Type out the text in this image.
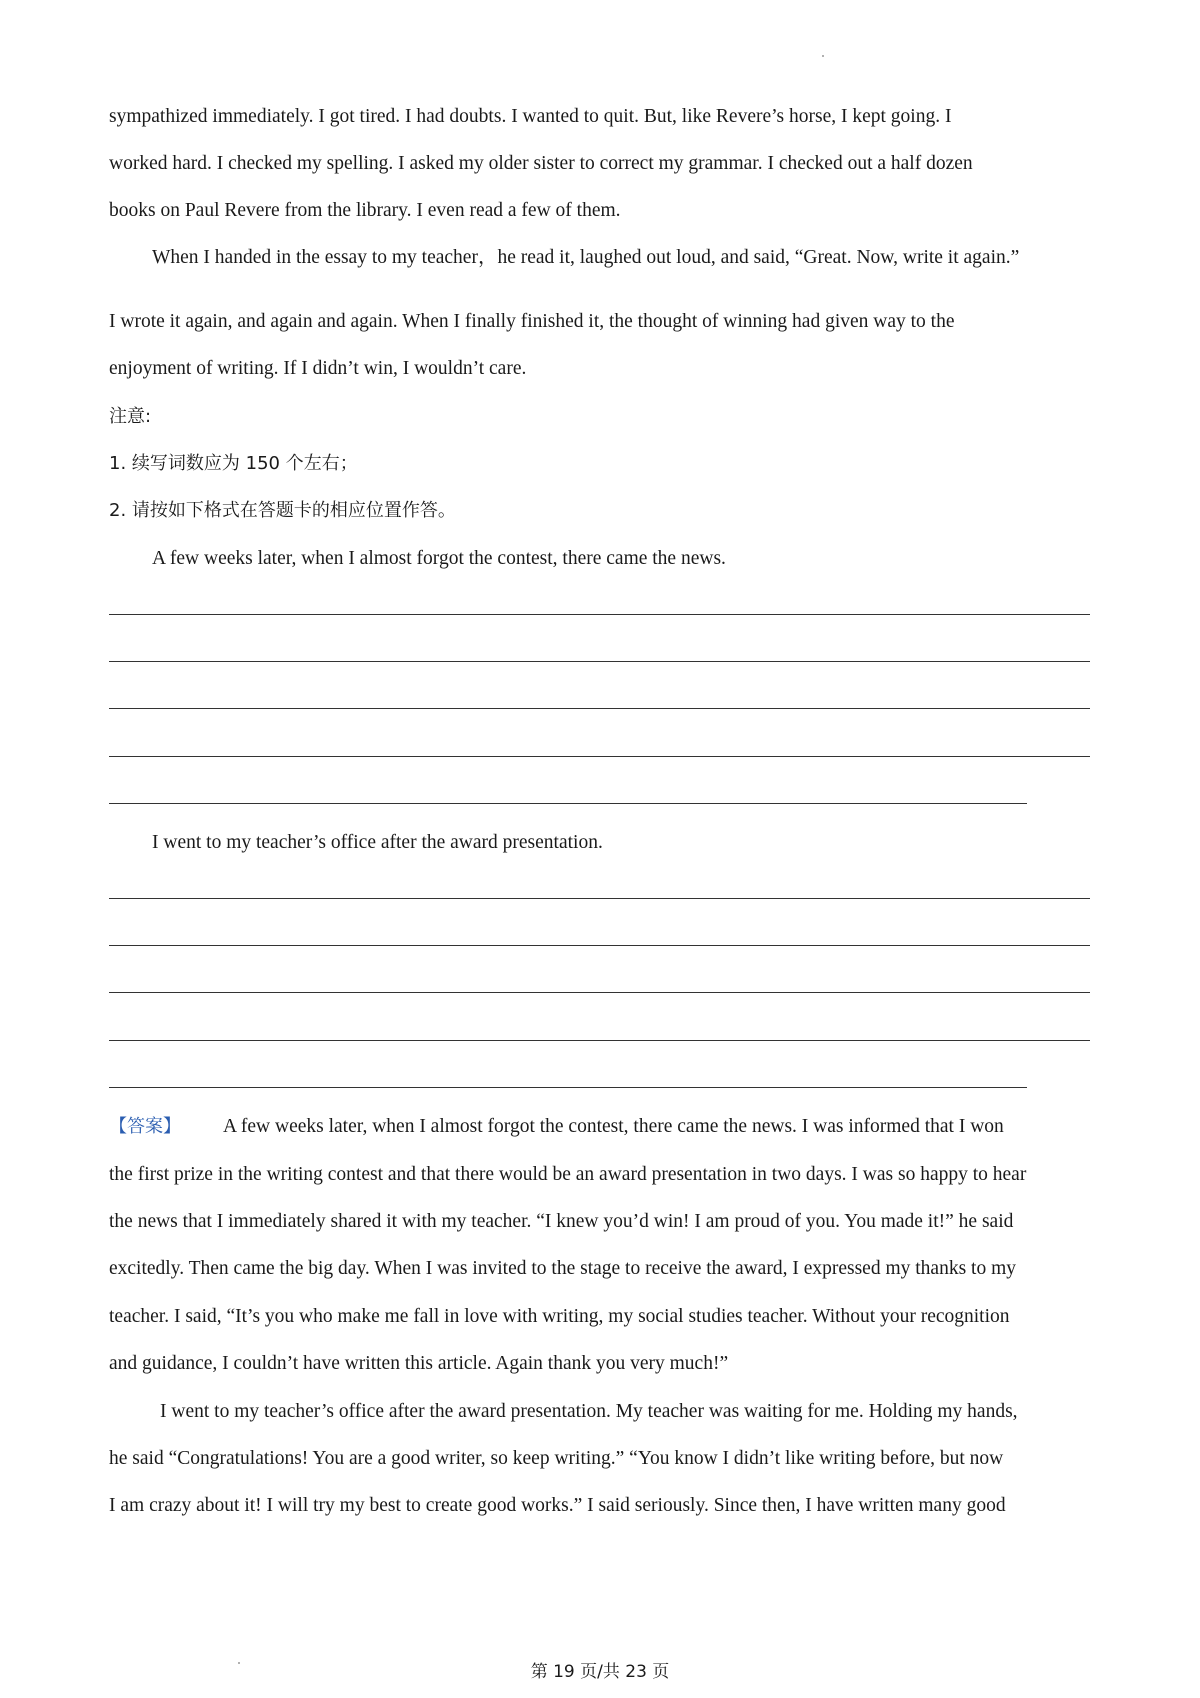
sympathized immediately. I got tired. I had doubts. I wanted to quit. But, like Revere’s horse, I kept going. I
worked hard. I checked my spelling. I asked my older sister to correct my grammar. I checked out a half dozen
books on Paul Revere from the library. I even read a few of them.
When I handed in the essay to my teacher，he read it, laughed out loud, and said, “Great. Now, write it again.”
I wrote it again, and again and again. When I finally finished it, the thought of winning had given way to the
enjoyment of writing. If I didn’t win, I wouldn’t care.
注意:
1. 续写词数应为 150 个左右；
2. 请按如下格式在答题卡的相应位置作答。
A few weeks later, when I almost forgot the contest, there came the news.
I went to my teacher’s office after the award presentation.
【答案】 A few weeks later, when I almost forgot the contest, there came the news. I was informed that I won
the first prize in the writing contest and that there would be an award presentation in two days. I was so happy to hear
the news that I immediately shared it with my teacher. “I knew you’d win! I am proud of you. You made it!” he said
excitedly. Then came the big day. When I was invited to the stage to receive the award, I expressed my thanks to my
teacher. I said, “It’s you who make me fall in love with writing, my social studies teacher. Without your recognition
and guidance, I couldn’t have written this article. Again thank you very much!”
I went to my teacher’s office after the award presentation. My teacher was waiting for me. Holding my hands,
he said “Congratulations! You are a good writer, so keep writing.” “You know I didn’t like writing before, but now
I am crazy about it! I will try my best to create good works.” I said seriously. Since then, I have written many good
第 19 页/共 23 页
